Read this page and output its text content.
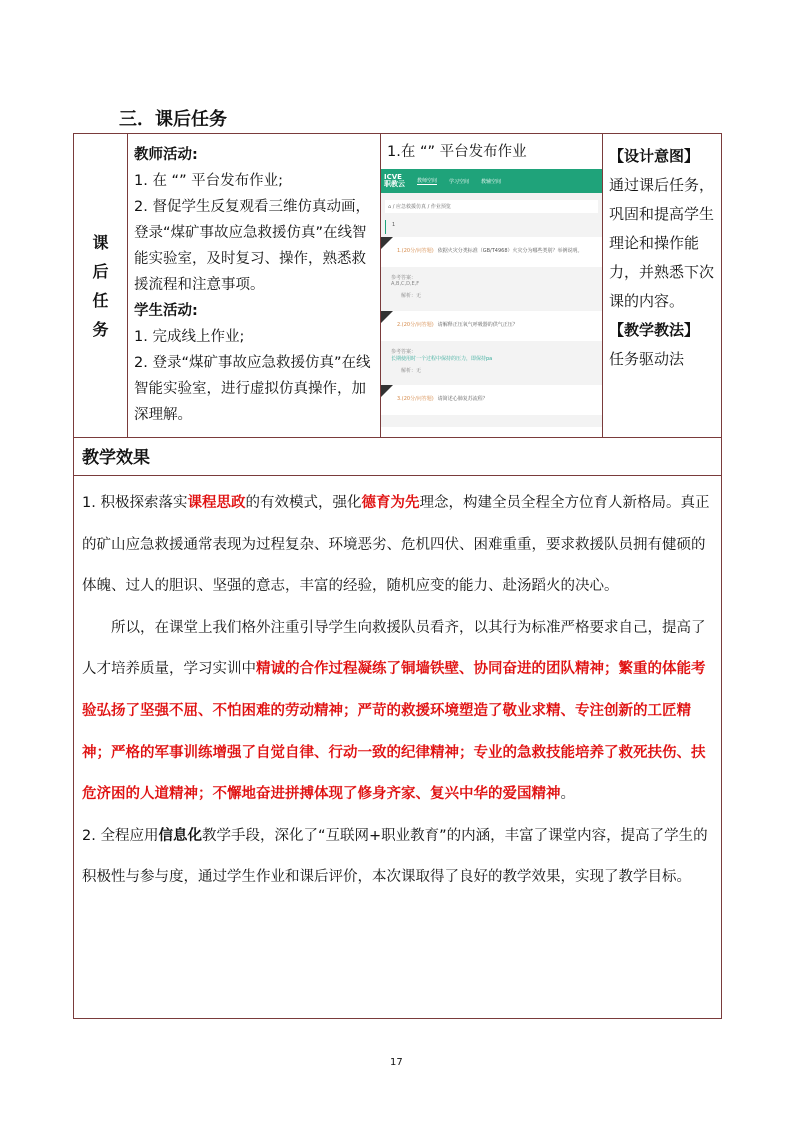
三．课后任务
课
后
任
务
教师活动:
1. 在 “” 平台发布作业;
2. 督促学生反复观看三维仿真动画，登录“煤矿事故应急救援仿真”在线智能实验室，及时复习、操作，熟悉救援流程和注意事项。
学生活动:
1. 完成线上作业;
2. 登录“煤矿事故应急救援仿真”在线智能实验室，进行虚拟仿真操作，加深理解。
1.在 “” 平台发布作业
ICVE
职教云 教师空间 学习空间 教辅空间
⌂ / 应急救援仿真 / 作业预览
1
1.(20分/问答题) 依据火灾分类标准（GB/T4968）火灾分为哪些类别？举例说明。
参考答案：
A,B,C,D,E,F
解析：无
2.(20分/问答题) 请解释正压氧气呼吸器的供气正压？
参考答案：
长期使用时一个过程中保持的压力，即保持pa
解析：无
3.(20分/问答题) 请简述心肺复苏流程？
【设计意图】
通过课后任务，巩固和提高学生理论和操作能力，并熟悉下次课的内容。
【教学教法】
任务驱动法
教学效果

1. 积极探索落实课程思政的有效模式，强化德育为先理念，构建全员全程全方位育人新格局。真正的矿山应急救援通常表现为过程复杂、环境恶劣、危机四伏、困难重重，要求救援队员拥有健硕的体魄、过人的胆识、坚强的意志，丰富的经验，随机应变的能力、赴汤蹈火的决心。

所以，在课堂上我们格外注重引导学生向救援队员看齐，以其行为标准严格要求自己，提高了人才培养质量，学习实训中精诚的合作过程凝练了铜墙铁壁、协同奋进的团队精神；繁重的体能考验弘扬了坚强不屈、不怕困难的劳动精神；严苛的救援环境塑造了敬业求精、专注创新的工匠精神；严格的军事训练增强了自觉自律、行动一致的纪律精神；专业的急救技能培养了救死扶伤、扶危济困的人道精神；不懈地奋进拼搏体现了修身齐家、复兴中华的爱国精神。

2. 全程应用信息化教学手段，深化了“互联网+职业教育”的内涵，丰富了课堂内容，提高了学生的积极性与参与度，通过学生作业和课后评价，本次课取得了良好的教学效果，实现了教学目标。

17
